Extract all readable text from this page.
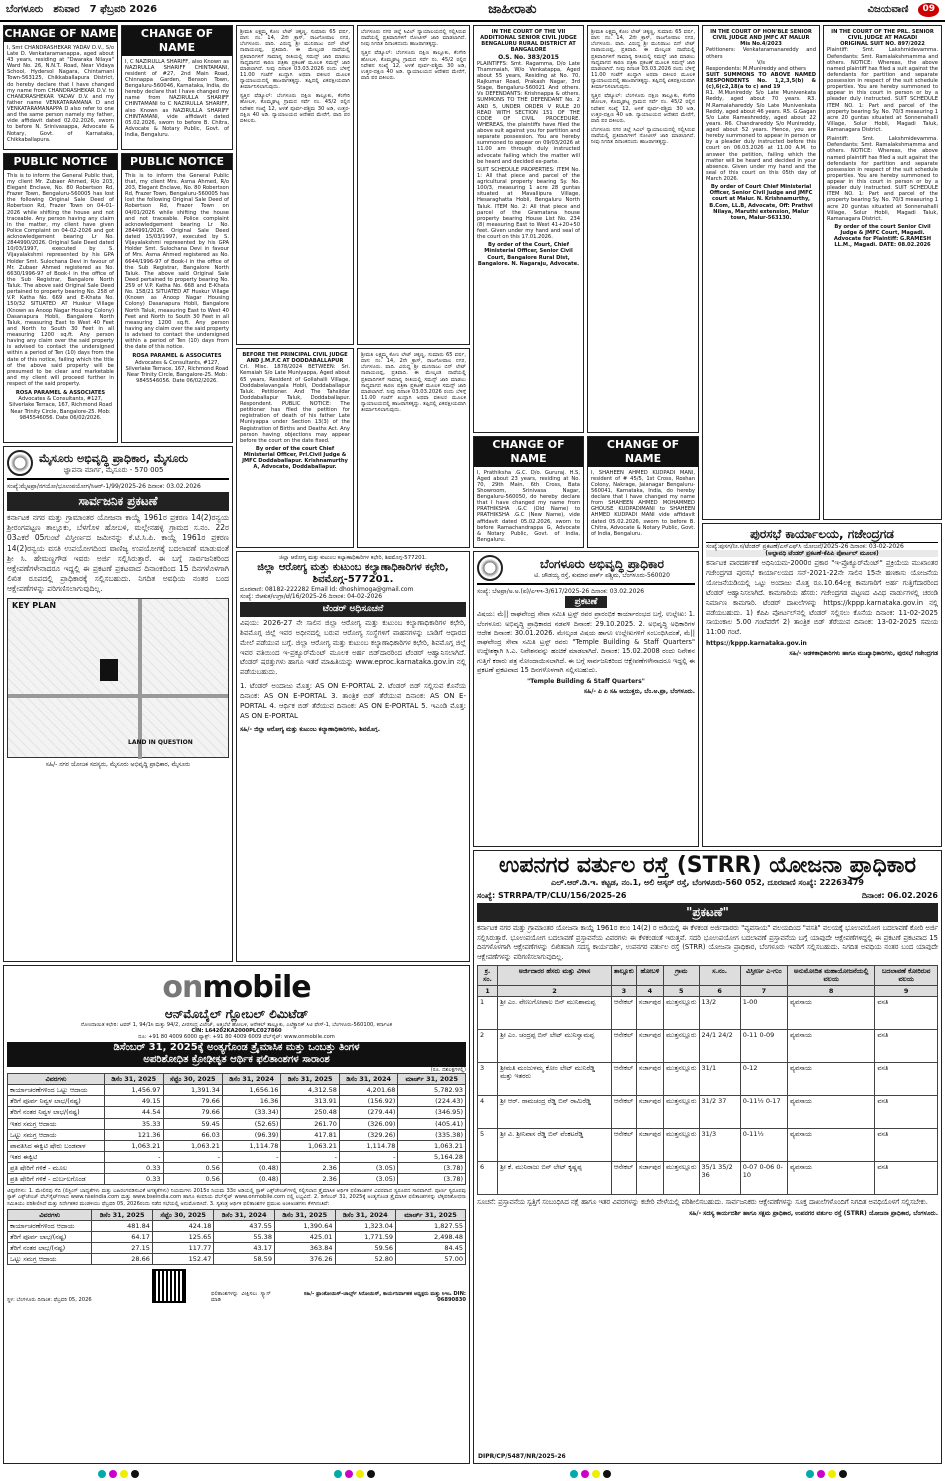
ಬೆಂಗಳೂರು ಶನಿವಾರ 7 ಫೆಬ್ರವರಿ 2026	ಜಾಹೀರಾತು	ವಿಜಯವಾಣಿ	09
CHANGE OF NAME
I, Smt CHANDRASHEKAR YADAV D.V., S/o Late D. Venkataramanappa, aged about 43 years, residing at "Dwaraka Nilaya" Ward No. 26, N.N.T. Road, Near Vidaya School, Hydersol Nagara, Chintamani Town-563125, Chikkaballapura District, do hereby declare that I have changed my name from CHANDRASHEKAR D.V. to CHANDRASHEKAR YADAV D.V. and my father name VENKATARAMANA D and VENKATARAMANAPPA D also refer to one and the same person namely my father, vide affidavit dated 02.02.2026, sworn to before N. Srinivasappa, Advocate & Notary, Govt. of Karnataka, Chikkaballapura.
CHANGE OF NAME
I, C NAZIRULLA SHARIFF, also Known as NAZIRULLA SHARIFF CHINTAMANI, resident of #27, 2nd Main Road, Chinnappa Garden, Benson Town, Bengaluru-560046, Karnataka, India, do hereby declare that I have changed my name from NAZIRULLA SHARIFF CHINTAMANI to C NAZIRULLA SHARIFF, also Known as NAZIRULLA SHARIFF CHINTAMANI, vide affidavit dated 05.02.2026, sworn to before B. Chitra, Advocate & Notary Public, Govt. of India, Bengaluru.
PUBLIC NOTICE
This is to inform the General Public that, my client Mr. Zubaer Ahmed, R/o 203, Elegant Enclave, No. 80 Robertson Rd, Frazer Town, Bengaluru-560005 has lost the following Original Sale Deed of Robertson Rd, Frazer Town on 04-01-2026 while shifting the house and not traceable. Any person having any claim in the matter, my client have given Police Complaint on 04-02-2026 and got acknowledgement bearing Lr No. 2844990/2026. Original Sale Deed dated 10/03/1997, executed by S. Vijayalakshmi represented by his GPA Holder Smt. Sulochana Devi in favour of Mr. Zubaer Ahmed registered as No. 6630/1996-97 of Book-I in the office of the Sub Registrar, Bangalore North Taluk. The above said Original Sale Deed pertained to property bearing No. 258 of V.P. Katha No. 669 and E-Khata No. 150/32 SITUATED AT Huskur Village (Known as Anoop Nagar Housing Colony) Dasanapura Hobli, Bangalore North Taluk, measuring East to West 40 Feet and North to South 30 Feet in all measuring 1200 sq.ft. Any person having any claim over the said property is advised to contact the undersigned within a period of Ten (10) days from the date of this notice, failing which the title of the above said property will be presumed to be clear and marketable and my client will proceed further in respect of the said property.
ROSA PARAMEL & ASSOCIATES
Advocates & Consultants, #127, Silverlake Terrace, 167, Richmond Road Near Trinity Circle, Bangalore-25. Mob: 9845546056. Date 06/02/2026.
PUBLIC NOTICE
This is to inform the General Public that, my client Mrs. Asma Ahmed, R/o 203, Elegant Enclave, No. 80 Robertson Rd, Frazer Town, Bengaluru-560005 has lost the following Original Sale Deed of Robertson Rd, Frazer Town on 04/01/2026 while shifting the house and not traceable. Police complaint acknowledgement bearing Lr No. 2844991/2026. Original Sale Deed dated 15/03/1997, executed by S. Vijayalakshmi represented by his GPA Holder Smt. Sulochana Devi in favour of Mrs. Asma Ahmed registered as No. 6644/1996-97 of Book-I in the office of the Sub Registrar, Bangalore North Taluk. The above said Original Sale Deed pertained to property bearing No. 259 of V.P. Katha No. 668 and E-Khata No. 158/21 SITUATED AT Huskur Village (Known as Anoop Nagar Housing Colony) Dasanapura Hobli, Bangalore North Taluk, measuring East to West 40 Feet and North to South 30 Feet in all measuring 1200 sq.ft. Any person having any claim over the said property is advised to contact the undersigned within a period of Ten (10) days from the date of this notice.
ROSA PARAMEL & ASSOCIATES
Advocates & Consultants, #127, Silverlake Terrace, 167, Richmond Road Near Trinity Circle, Bangalore-25. Mob: 9845546056. Date 06/02/2026.
ಮೈಸೂರು ಅಭಿವೃದ್ಧಿ ಪ್ರಾಧಿಕಾರ, ಮೈಸೂರು
ಜ್ಞಾಪನಾ ಮಾರ್ಗ, ಮೈಸೂರು - 570 005
ಸಂಖ್ಯೆ:ಮೈಅಪ್ರಾ/ನಗಯೋ/ಭೂಉಪಯೋಗ/ಸಿಆರ್-1/99/2025-26 ದಿನಾಂಕ: 03.02.2026
ಸಾರ್ವಜನಿಕ ಪ್ರಕಟಣೆ
ಕರ್ನಾಟಕ ನಗರ ಮತ್ತು ಗ್ರಾಮಾಂತರ ಯೋಜನಾ ಕಾಯ್ದೆ 1961ರ ಪ್ರಕರಣ 14(2)ರನ್ವಯ ಶ್ರೀರಂಗಪಟ್ಟಣ ತಾಲ್ಲೂಕು, ಬೆಳಗೊಳ ಹೋಬಳಿ, ಮಲ್ಲೇನಹಳ್ಳಿ ಗ್ರಾಮದ ಸ.ನಂ. 22ರ 03ಎಕರೆ 05ಗುಂಟೆ ವಿಸ್ತೀರ್ಣದ ಜಮೀನನ್ನು ಕೆ.ಟಿ.ಸಿ.ಪಿ. ಕಾಯ್ದೆ 1961ರ ಪ್ರಕರಣ 14(2)ರನ್ವಯ ವಸತಿ ಉಪಯೋಗದಿಂದ ವಾಣಿಜ್ಯ ಉಪಯೋಗಕ್ಕೆ ಬದಲಾವಣೆ ಮಾಡುವಂತೆ ಶ್ರೀ ಸಿ. ಹೇಮಣ್ಣಗೌಡ ಇವರು ಅರ್ಜಿ ಸಲ್ಲಿಸಿರುತ್ತಾರೆ. ಈ ಬಗ್ಗೆ ಸಾರ್ವಜನಿಕರಿಂದ ಆಕ್ಷೇಪಣೆಗಳೇನಾದರೂ ಇದ್ದಲ್ಲಿ ಈ ಪ್ರಕಟಣೆ ಪ್ರಕಟವಾದ ದಿನಾಂಕದಿಂದ 15 ದಿನಗಳೊಳಗಾಗಿ ಲಿಖಿತ ರೂಪದಲ್ಲಿ ಪ್ರಾಧಿಕಾರಕ್ಕೆ ಸಲ್ಲಿಸಬಹುದು. ನಿಗದಿತ ಅವಧಿಯ ನಂತರ ಬಂದ ಆಕ್ಷೇಪಣೆಗಳನ್ನು ಪರಿಗಣಿಸಲಾಗುವುದಿಲ್ಲ.
KEY PLAN
LAND IN QUESTION
ಸಹಿ/- ನಗರ ಯೋಜಕ ಸದಸ್ಯರು, ಮೈಸೂರು ಅಭಿವೃದ್ಧಿ ಪ್ರಾಧಿಕಾರ, ಮೈಸೂರು
ಶ್ರೀಮತಿ ಲಕ್ಷ್ಮಮ್ಮ ಕೋಂ ಲೇಟ್ ಚಿಕ್ಕಣ್ಣ, ಸುಮಾರು 65 ವರ್ಷ, ವಾಸ: ನಂ. 14, 2ನೇ ಕ್ರಾಸ್, ರಾಜಗೋಪಾಲ ನಗರ, ಬೆಂಗಳೂರು. ವಾದಿ. ವಿರುದ್ಧ ಶ್ರೀ ಮುನಿರಾಜು ಬಿನ್ ಲೇಟ್ ನಾರಾಯಣಪ್ಪ, ಪ್ರತಿವಾದಿ. ಈ ಮೇಲ್ಕಂಡ ದಾವೆಯಲ್ಲಿ ಪ್ರತಿವಾದಿಗಳಿಗೆ ಸಾಮಾನ್ಯ ರೀತಿಯಲ್ಲಿ ಸಮನ್ಸ್ ಜಾರಿ ಮಾಡಲು ಸಾಧ್ಯವಾಗದ ಕಾರಣ ಪತ್ರಿಕಾ ಪ್ರಕಟಣೆ ಮೂಲಕ ಸಮನ್ಸ್ ಜಾರಿ ಮಾಡಲಾಗಿದೆ. ನೀವು ದಿನಾಂಕ 03.03.2026 ರಂದು ಬೆಳಿಗ್ಗೆ 11.00 ಗಂಟೆಗೆ ಖುದ್ದಾಗಿ ಅಥವಾ ವಕೀಲರ ಮೂಲಕ ನ್ಯಾಯಾಲಯದಲ್ಲಿ ಹಾಜರಾಗತಕ್ಕದ್ದು. ತಪ್ಪಿದಲ್ಲಿ ಏಕಪಕ್ಷೀಯವಾಗಿ ತೀರ್ಮಾನಿಸಲಾಗುವುದು.
ಸ್ವತ್ತಿನ ಷೆಡ್ಯೂಲ್: ಬೆಂಗಳೂರು ದಕ್ಷಿಣ ತಾಲ್ಲೂಕು, ಕೆಂಗೇರಿ ಹೋಬಳಿ, ಕೊಮ್ಮಘಟ್ಟ ಗ್ರಾಮದ ಸರ್ವೆ ನಂ. 45/2 ರಲ್ಲಿನ ನಿವೇಶನ ಸಂಖ್ಯೆ 12, ಅಳತೆ ಪೂರ್ವ-ಪಶ್ಚಿಮ 30 ಅಡಿ, ಉತ್ತರ-ದಕ್ಷಿಣ 40 ಅಡಿ. ನ್ಯಾಯಾಲಯದ ಆದೇಶದ ಮೇರೆಗೆ, ವಾದಿ ಪರ ವಕೀಲರು.
ಬೆಂಗಳೂರು ನಗರ ಜಿಲ್ಲೆ ಸಿವಿಲ್ ನ್ಯಾಯಾಲಯದಲ್ಲಿ ಸಲ್ಲಿಸಿರುವ ದಾವೆಯಲ್ಲಿ ಪ್ರತಿವಾದಿಗಳಿಗೆ ನೋಟೀಸ್ ಜಾರಿ ಮಾಡಲಾಗಿದೆ. ನೀವು ನಿಗದಿತ ದಿನಾಂಕದಂದು ಹಾಜರಾಗತಕ್ಕದ್ದು.
ಸ್ವತ್ತಿನ ಷೆಡ್ಯೂಲ್: ಬೆಂಗಳೂರು ದಕ್ಷಿಣ ತಾಲ್ಲೂಕು, ಕೆಂಗೇರಿ ಹೋಬಳಿ, ಕೊಮ್ಮಘಟ್ಟ ಗ್ರಾಮದ ಸರ್ವೆ ನಂ. 45/2 ರಲ್ಲಿನ ನಿವೇಶನ ಸಂಖ್ಯೆ 12, ಅಳತೆ ಪೂರ್ವ-ಪಶ್ಚಿಮ 30 ಅಡಿ, ಉತ್ತರ-ದಕ್ಷಿಣ 40 ಅಡಿ. ನ್ಯಾಯಾಲಯದ ಆದೇಶದ ಮೇರೆಗೆ, ವಾದಿ ಪರ ವಕೀಲರು.
BEFORE THE PRINCIPAL CIVIL JUDGE AND J.M.F.C AT DODDABALLAPUR
Crl. Misc. 1878/2024 BETWEEN: Sri. Kemaiah S/o Late Muniyappa, Aged about 65 years, Resident of Gollahalli Village, Doddabelavangala Hobli, Doddaballapur Taluk. Petitioner. And The Tahsildar Doddaballapur Taluk, Doddaballapur. Respondent. PUBLIC NOTICE: The petitioner has filed the petition for registration of death of his father Late Muniyappa under Section 13(3) of the Registration of Births and Deaths Act. Any person having objections may appear before the court on the date fixed.
By order of the court Chief Ministerial Officer, Prl.Civil Judge & JMFC Doddaballapur. Krishnamurthy A, Advocate, Doddaballapur.
ಶ್ರೀಮತಿ ಲಕ್ಷ್ಮಮ್ಮ ಕೋಂ ಲೇಟ್ ಚಿಕ್ಕಣ್ಣ, ಸುಮಾರು 65 ವರ್ಷ, ವಾಸ: ನಂ. 14, 2ನೇ ಕ್ರಾಸ್, ರಾಜಗೋಪಾಲ ನಗರ, ಬೆಂಗಳೂರು. ವಾದಿ. ವಿರುದ್ಧ ಶ್ರೀ ಮುನಿರಾಜು ಬಿನ್ ಲೇಟ್ ನಾರಾಯಣಪ್ಪ, ಪ್ರತಿವಾದಿ. ಈ ಮೇಲ್ಕಂಡ ದಾವೆಯಲ್ಲಿ ಪ್ರತಿವಾದಿಗಳಿಗೆ ಸಾಮಾನ್ಯ ರೀತಿಯಲ್ಲಿ ಸಮನ್ಸ್ ಜಾರಿ ಮಾಡಲು ಸಾಧ್ಯವಾಗದ ಕಾರಣ ಪತ್ರಿಕಾ ಪ್ರಕಟಣೆ ಮೂಲಕ ಸಮನ್ಸ್ ಜಾರಿ ಮಾಡಲಾಗಿದೆ. ನೀವು ದಿನಾಂಕ 03.03.2026 ರಂದು ಬೆಳಿಗ್ಗೆ 11.00 ಗಂಟೆಗೆ ಖುದ್ದಾಗಿ ಅಥವಾ ವಕೀಲರ ಮೂಲಕ ನ್ಯಾಯಾಲಯದಲ್ಲಿ ಹಾಜರಾಗತಕ್ಕದ್ದು. ತಪ್ಪಿದಲ್ಲಿ ಏಕಪಕ್ಷೀಯವಾಗಿ ತೀರ್ಮಾನಿಸಲಾಗುವುದು.
ಜಿಲ್ಲಾ ಆರೋಗ್ಯ ಮತ್ತು ಕುಟುಂಬ ಕಲ್ಯಾಣಾಧಿಕಾರಿಗಳ ಕಛೇರಿ, ಶಿವಮೊಗ್ಗ-577201.
ಜಿಲ್ಲಾ ಆರೋಗ್ಯ ಮತ್ತು ಕುಟುಂಬ ಕಲ್ಯಾಣಾಧಿಕಾರಿಗಳ ಕಛೇರಿ, ಶಿವಮೊಗ್ಗ-577201.
ದೂರವಾಣಿ: 08182-222282 Email Id: dhoshimoga@gmail.com
ಸಂಖ್ಯೆ: ಜಿಆಕುಕ/ಉಗ್ರಾ/ಟೆ/16/2025-26 ದಿನಾಂಕ: 04-02-2026
ಟೆಂಡರ್ ಅಧಿಸೂಚನೆ
ವಿಷಯ: 2026-27 ನೇ ಸಾಲಿನ ಜಿಲ್ಲಾ ಆರೋಗ್ಯ ಮತ್ತು ಕುಟುಂಬ ಕಲ್ಯಾಣಾಧಿಕಾರಿಗಳ ಕಛೇರಿ, ಶಿವಮೊಗ್ಗ ಜಿಲ್ಲೆ ಇವರ ಅಧೀನದಲ್ಲಿ ಬರುವ ಆರೋಗ್ಯ ಸಂಸ್ಥೆಗಳಿಗೆ ವಾಹನಗಳನ್ನು ಬಾಡಿಗೆ ಆಧಾರದ ಮೇಲೆ ಪಡೆಯುವ ಬಗ್ಗೆ. ಜಿಲ್ಲಾ ಆರೋಗ್ಯ ಮತ್ತು ಕುಟುಂಬ ಕಲ್ಯಾಣಾಧಿಕಾರಿಗಳ ಕಛೇರಿ, ಶಿವಮೊಗ್ಗ ಜಿಲ್ಲೆ ಇವರ ವತಿಯಿಂದ ಇ-ಪ್ರಕ್ಯೂರ್‌ಮೆಂಟ್ ಮೂಲಕ ಅರ್ಹ ಬಿಡ್‌ದಾರರಿಂದ ಟೆಂಡರ್ ಆಹ್ವಾನಿಸಲಾಗಿದೆ. ಟೆಂಡರ್ ಷರತ್ತುಗಳು ಹಾಗೂ ಇತರೆ ಮಾಹಿತಿಯನ್ನು www.eproc.karnataka.gov.in ನಲ್ಲಿ ಪಡೆಯಬಹುದು.
1. ಟೆಂಡರ್ ಅಂದಾಜು ಮೊತ್ತ: AS ON E-PORTAL 2. ಟೆಂಡರ್ ಬಿಡ್ ಸಲ್ಲಿಸುವ ಕೊನೆಯ ದಿನಾಂಕ: AS ON E-PORTAL 3. ತಾಂತ್ರಿಕ ಬಿಡ್ ತೆರೆಯುವ ದಿನಾಂಕ: AS ON E-PORTAL 4. ಆರ್ಥಿಕ ಬಿಡ್ ತೆರೆಯುವ ದಿನಾಂಕ: AS ON E-PORTAL 5. ಇಎಂಡಿ ಮೊತ್ತ: AS ON E-PORTAL
ಸಹಿ/- ಜಿಲ್ಲಾ ಆರೋಗ್ಯ ಮತ್ತು ಕುಟುಂಬ ಕಲ್ಯಾಣಾಧಿಕಾರಿಗಳು, ಶಿವಮೊಗ್ಗ.
IN THE COURT OF THE VII ADDITIONAL SENIOR CIVIL JUDGE BENGALURU RURAL DISTRICT AT BANGALORE
O.S. No. 383/2015
PLAINTIFFS: Smt. Ragamma, D/o Late Thammaiah, W/o Venkatappa, Aged about 55 years, Residing at No. 70, Rajkumar Road, Prakash Nagar, 3rd Stage, Bengaluru-560021 And others. Vs DEFENDANTS: Krishnappa & others. SUMMONS TO THE DEFENDANT No. 2 AND 5, UNDER ORDER V RULE 20 READ WITH SECTION 151 OF THE CODE OF CIVIL PROCEDURE. WHEREAS, the plaintiffs have filed the above suit against you for partition and separate possession. You are hereby summoned to appear on 09/03/2026 at 11.00 am through duly instructed advocate failing which the matter will be heard and decided ex-parte.
SUIT SCHEDULE PROPERTIES: ITEM No. 1: All that piece and parcel of the agricultural property bearing Sy. No. 100/3, measuring 1 acre 28 guntas situated at Mavallipura Village, Hesaraghatta Hobli, Bengaluru North Taluk. ITEM No. 2: All that piece and parcel of the Gramatana house property bearing House List No. 234 (8) measuring East to West 41+20+50 feet. Given under my hand and seal of the court on this 17.01.2026.
By order of the Court, Chief Ministerial Officer, Senior Civil Court, Bangalore Rural Dist, Bangalore. N. Nagaraju, Advocate.
ಶ್ರೀಮತಿ ಲಕ್ಷ್ಮಮ್ಮ ಕೋಂ ಲೇಟ್ ಚಿಕ್ಕಣ್ಣ, ಸುಮಾರು 65 ವರ್ಷ, ವಾಸ: ನಂ. 14, 2ನೇ ಕ್ರಾಸ್, ರಾಜಗೋಪಾಲ ನಗರ, ಬೆಂಗಳೂರು. ವಾದಿ. ವಿರುದ್ಧ ಶ್ರೀ ಮುನಿರಾಜು ಬಿನ್ ಲೇಟ್ ನಾರಾಯಣಪ್ಪ, ಪ್ರತಿವಾದಿ. ಈ ಮೇಲ್ಕಂಡ ದಾವೆಯಲ್ಲಿ ಪ್ರತಿವಾದಿಗಳಿಗೆ ಸಾಮಾನ್ಯ ರೀತಿಯಲ್ಲಿ ಸಮನ್ಸ್ ಜಾರಿ ಮಾಡಲು ಸಾಧ್ಯವಾಗದ ಕಾರಣ ಪತ್ರಿಕಾ ಪ್ರಕಟಣೆ ಮೂಲಕ ಸಮನ್ಸ್ ಜಾರಿ ಮಾಡಲಾಗಿದೆ. ನೀವು ದಿನಾಂಕ 03.03.2026 ರಂದು ಬೆಳಿಗ್ಗೆ 11.00 ಗಂಟೆಗೆ ಖುದ್ದಾಗಿ ಅಥವಾ ವಕೀಲರ ಮೂಲಕ ನ್ಯಾಯಾಲಯದಲ್ಲಿ ಹಾಜರಾಗತಕ್ಕದ್ದು. ತಪ್ಪಿದಲ್ಲಿ ಏಕಪಕ್ಷೀಯವಾಗಿ ತೀರ್ಮಾನಿಸಲಾಗುವುದು.
ಸ್ವತ್ತಿನ ಷೆಡ್ಯೂಲ್: ಬೆಂಗಳೂರು ದಕ್ಷಿಣ ತಾಲ್ಲೂಕು, ಕೆಂಗೇರಿ ಹೋಬಳಿ, ಕೊಮ್ಮಘಟ್ಟ ಗ್ರಾಮದ ಸರ್ವೆ ನಂ. 45/2 ರಲ್ಲಿನ ನಿವೇಶನ ಸಂಖ್ಯೆ 12, ಅಳತೆ ಪೂರ್ವ-ಪಶ್ಚಿಮ 30 ಅಡಿ, ಉತ್ತರ-ದಕ್ಷಿಣ 40 ಅಡಿ. ನ್ಯಾಯಾಲಯದ ಆದೇಶದ ಮೇರೆಗೆ, ವಾದಿ ಪರ ವಕೀಲರು.
ಬೆಂಗಳೂರು ನಗರ ಜಿಲ್ಲೆ ಸಿವಿಲ್ ನ್ಯಾಯಾಲಯದಲ್ಲಿ ಸಲ್ಲಿಸಿರುವ ದಾವೆಯಲ್ಲಿ ಪ್ರತಿವಾದಿಗಳಿಗೆ ನೋಟೀಸ್ ಜಾರಿ ಮಾಡಲಾಗಿದೆ. ನೀವು ನಿಗದಿತ ದಿನಾಂಕದಂದು ಹಾಜರಾಗತಕ್ಕದ್ದು.
CHANGE OF NAME
I, Prathiksha .G.C. D/o. Gururaj. H.S, Aged about 23 years, residing at No. 70, 29th Main, 6th Cross, Bata Showroom, Srinivasa Nagar, Bengaluru-560050, do hereby declare that I have changed my name from PRATHIKSHA .G.C (Old Name) to PRATHIKSHA .G.C (New Name), vide affidavit dated 05.02.2026, sworn to before Ramachandrappa G, Advocate & Notary Public, Govt. of India, Bengaluru.
CHANGE OF NAME
I, SHAHEEN AHMED KUDPADI MANI, resident of # 45/5, 1st Cross, Roshan Colony, Nakrage, Jaianagar Bengaluru-560041, Karnataka, India, do hereby declare that I have changed my name from SHAHEEN AHMED MOHAMMED GHOUSE KUDPADIMANI to SHAHEEN AHMED KUDPADI MANI vide affidavit dated 05.02.2026, sworn to before B. Chitra, Advocate & Notary Public, Govt. of India, Bengaluru.
IN THE COURT OF HON'BLE SENIOR CIVIL JUDGE AND JMFC AT MALUR
Mis No.4/2023
Petitioners: Venkataramanareddy and others
V/s
Respondents: M.Munireddy and others
SUIT SUMMONS TO ABOVE NAMED RESPONDENTS No. 1,2,3,5(b) & (c),6(c2,18(a to c) and 19
R1. M.Munireddy S/o Late Munivenkata Reddy, aged about 70 years. R3. M.Ramaiahareddy S/o Late Munivenkata Reddy, aged about 46 years. R5. G.Gagan S/o Late Rameshreddy, aged about 22 years. R6. Chandrareddy S/o Munireddy, aged about 52 years. Hence, you are hereby summoned to appear in person or by a pleader duly instructed before this court on 06.03.2026 at 11.00 A.M. to answer the petition, failing which the matter will be heard and decided in your absence. Given under my hand and the seal of this court on this 05th day of March 2026.
By order of Court Chief Ministerial Officer, Senior Civil Judge and JMFC court at Malur. N. Krishnamurthy, B.Com, LL.B, Advocate, Off: Prathvi Nilaya, Maruthi extension, Malur town, Malur-563130.
IN THE COURT OF THE PRL. SENIOR CIVIL JUDGE AT MAGADI
ORIGINAL SUIT NO. 897/2022
Plaintiff: Smt. Lakshmidevamma. Defendants: Smt. Ramalakshmamma and others. NOTICE: Whereas, the above named plaintiff has filed a suit against the defendants for partition and separate possession in respect of the suit schedule properties. You are hereby summoned to appear in this court in person or by a pleader duly instructed. SUIT SCHEDULE ITEM NO. 1: Part and parcel of the property bearing Sy. No. 70/3 measuring 1 acre 20 guntas situated at Sonnenahalli Village, Solur Hobli, Magadi Taluk, Ramanagara District.
Plaintiff: Smt. Lakshmidevamma. Defendants: Smt. Ramalakshmamma and others. NOTICE: Whereas, the above named plaintiff has filed a suit against the defendants for partition and separate possession in respect of the suit schedule properties. You are hereby summoned to appear in this court in person or by a pleader duly instructed. SUIT SCHEDULE ITEM NO. 1: Part and parcel of the property bearing Sy. No. 70/3 measuring 1 acre 20 guntas situated at Sonnenahalli Village, Solur Hobli, Magadi Taluk, Ramanagara District.
By order of the court Senior Civil Judge & JMFC Court, Magadi. Advocate for Plaintiff: G.RAMESH LL.M., Magadi. DATE: 08.02.2026
ಬೆಂಗಳೂರು ಅಭಿವೃದ್ಧಿ ಪ್ರಾಧಿಕಾರ
ಟಿ. ಚೌಡಯ್ಯ ರಸ್ತೆ, ಕುಮಾರ ಪಾರ್ಕ್ ಪಶ್ಚಿಮ, ಬೆಂಗಳೂರು-560020
ಸಂಖ್ಯೆ: ಬೆಅಪ್ರಾ/ಅ.ಅ.(ಪ)/ಎಇಇ-3/617/2025-26 ದಿನಾಂಕ: 03.02.2026
ಪ್ರಕಟಣೆ
ವಿಷಯ: ಮೆ|| ರಾಘವೇಂದ್ರ ಸೇವಾ ಸಮಿತಿ ಟ್ರಸ್ಟ್ ರವರ ಪ್ರಾರಂಭಿಕ ಕಾರ್ಯಾರಂಭದ ಬಗ್ಗೆ. ಉಲ್ಲೇಖ: 1. ಬೆಂಗಳೂರು ಅಭಿವೃದ್ಧಿ ಪ್ರಾಧಿಕಾರದ ನಡವಳಿ ದಿನಾಂಕ: 29.10.2025. 2. ಅಭಿವೃದ್ಧಿ ಅಧಿಕಾರಿಗಳ ಆದೇಶ ದಿನಾಂಕ: 30.01.2026. ಮೇಲ್ಕಂಡ ವಿಷಯ ಹಾಗೂ ಉಲ್ಲೇಖಗಳಿಗೆ ಸಂಬಂಧಿಸಿದಂತೆ, ಮೆ|| ರಾಘವೇಂದ್ರ ಸೇವಾ ಸಮಿತಿ ಟ್ರಸ್ಟ್ ರವರು "Temple Building & Staff Quarters" ಉದ್ದೇಶಕ್ಕಾಗಿ ಸಿ.ಎ. ನಿವೇಶನವನ್ನು ಹಂಚಿಕೆ ಮಾಡಲಾಗಿದೆ. ದಿನಾಂಕ: 15.02.2008 ರಂದು ನಿವೇಶನ ಗುತ್ತಿಗೆ ಕರಾರು ಪತ್ರ ನೋಂದಾಯಿಸಲಾಗಿದೆ. ಈ ಬಗ್ಗೆ ಸಾರ್ವಜನಿಕರಿಂದ ಆಕ್ಷೇಪಣೆಗಳೇನಾದರೂ ಇದ್ದಲ್ಲಿ ಈ ಪ್ರಕಟಣೆ ಪ್ರಕಟವಾದ 15 ದಿನಗಳೊಳಗಾಗಿ ಸಲ್ಲಿಸಬಹುದು.
"Temple Building & Staff Quarters"
ಸಹಿ/- ಪಿ ಪಿ ಸಹಿ ಆಯುಕ್ತರು, ಬೆಂ.ಅ.ಪ್ರಾ, ಬೆಂಗಳೂರು.
ಪುರಸಭೆ ಕಾರ್ಯಾಲಯ, ಗಜೇಂದ್ರಗಡ
ಸಂಖ್ಯೆ:ಪುಸಗ/ನೀ.ಸ/ಟೆಂಡರ್ ಪ್ರಕಟಣೆ/ಎಸ್ಎಫ್‌ಸಿ ಯೋಜನೆ/2025-26 ದಿನಾಂಕ: 03-02-2026
(ಅಲ್ಪಾವಧಿ ಟೆಂಡರ್ ಪ್ರಕಟಣೆ-ಕೆಪಿಪಿ ಪೋರ್ಟಲ್ ಮೂಲಕ)
ಕರ್ನಾಟಕ ಪಾರದರ್ಶಕತೆ ಅಧಿನಿಯಮ-2000ರ ಪ್ರಕಾರ "ಇ-ಪ್ರೊಕ್ಯೂರ್‌ಮೆಂಟ್" ಪ್ರಕ್ರಿಯೆಯ ಮುಖಾಂತರ ಗಜೇಂದ್ರಗಡ ಪುರಸಭೆ ಕಾರ್ಯಾಲಯದ ಸನ್-2021-22ನೇ ಸಾಲಿನ 15ನೇ ಹಣಕಾಸು ಯೋಜನೆಯ ಯೋಜನೆಯಡಿಯಲ್ಲಿ ಒಟ್ಟು ಅಂದಾಜು ಮೊತ್ತ ರೂ.10.64ಲಕ್ಷ ಕಾಮಗಾರಿಗೆ ಅರ್ಹ ಗುತ್ತಿಗೆದಾರರಿಂದ ಟೆಂಡರ್ ಆಹ್ವಾನಿಸಲಾಗಿದೆ. ಕಾಮಗಾರಿಯ ಹೆಸರು: ಗಜೇಂದ್ರಗಡ ಪಟ್ಟಣದ ವಿವಿಧ ವಾರ್ಡುಗಳಲ್ಲಿ ಚರಂಡಿ ನಿರ್ಮಾಣ ಕಾಮಗಾರಿ. ಟೆಂಡರ್ ದಾಖಲೆಗಳನ್ನು https://kppp.karnataka.gov.in ನಲ್ಲಿ ಪಡೆಯಬಹುದು. 1) ಕೆಪಿಪಿ ಪೋರ್ಟಲ್‌ನಲ್ಲಿ ಟೆಂಡರ್ ಸಲ್ಲಿಸಲು ಕೊನೆಯ ದಿನಾಂಕ: 11-02-2025 ಸಾಯಂಕಾಲ 5.00 ಗಂಟೆವರೆಗೆ 2) ತಾಂತ್ರಿಕ ಬಿಡ್ ತೆರೆಯುವ ದಿನಾಂಕ: 13-02-2025 ಸಮಯ 11:00 ಗಂಟೆ.
https://kppp.karnataka.gov.in
ಸಹಿ/- ಆಡಳಿತಾಧಿಕಾರಿಗಳು ಹಾಗೂ ಮುಖ್ಯಾಧಿಕಾರಿಗಳು, ಪುರಸಭೆ ಗಜೇಂದ್ರಗಡ
ಉಪನಗರ ವರ್ತುಲ ರಸ್ತೆ (STRR) ಯೋಜನಾ ಪ್ರಾಧಿಕಾರ
ಎಲ್.ಆರ್.ಡಿ.ಇ. ಕಟ್ಟಡ, ನಂ.1, ಅಲಿ ಆಸ್ಕರ್ ರಸ್ತೆ, ಬೆಂಗಳೂರು-560 052, ದೂರವಾಣಿ ಸಂಖ್ಯೆ: 22263479
ಸಂಖ್ಯೆ: STRRPA/TP/CLU/156/2025-26	ದಿನಾಂಕ: 06.02.2026
"ಪ್ರಕಟಣೆ"
ಕರ್ನಾಟಕ ನಗರ ಮತ್ತು ಗ್ರಾಮಾಂತರ ಯೋಜನಾ ಕಾಯ್ದೆ 1961ರ ಕಲಂ 14(2) ರ ಅಡಿಯಲ್ಲಿ ಈ ಕೆಳಕಂಡ ಅರ್ಜಿದಾರರು "ವ್ಯವಸಾಯ" ವಲಯದಿಂದ "ವಸತಿ" ವಲಯಕ್ಕೆ ಭೂಉಪಯೋಗ ಬದಲಾವಣೆ ಕೋರಿ ಅರ್ಜಿ ಸಲ್ಲಿಸಿರುತ್ತಾರೆ. ಭೂಉಪಯೋಗ ಬದಲಾವಣೆ ಪ್ರಸ್ತಾವನೆಯ ವಿವರಗಳು ಈ ಕೆಳಕಂಡಂತೆ ಇರುತ್ತವೆ. ಸದರಿ ಭೂಉಪಯೋಗ ಬದಲಾವಣೆ ಪ್ರಸ್ತಾವನೆಯ ಬಗ್ಗೆ ಯಾವುದೇ ಆಕ್ಷೇಪಣೆಗಳಿದ್ದಲ್ಲಿ ಈ ಪ್ರಕಟಣೆ ಪ್ರಕಟವಾದ 15 ದಿನಗಳೊಳಗಾಗಿ ಆಕ್ಷೇಪಣೆಗಳನ್ನು ಲಿಖಿತವಾಗಿ ಸದಸ್ಯ ಕಾರ್ಯದರ್ಶಿ, ಉಪನಗರ ವರ್ತುಲ ರಸ್ತೆ (STRR) ಯೋಜನಾ ಪ್ರಾಧಿಕಾರ, ಬೆಂಗಳೂರು ಇವರಿಗೆ ಸಲ್ಲಿಸಬಹುದು. ನಿಗದಿತ ಅವಧಿಯ ನಂತರ ಬಂದ ಯಾವುದೇ ಆಕ್ಷೇಪಣೆಗಳನ್ನು ಪರಿಗಣಿಸಲಾಗುವುದಿಲ್ಲ.
ಕ್ರ. ಸಂ.	ಅರ್ಜಿದಾರರ ಹೆಸರು ಮತ್ತು ವಿಳಾಸ	ತಾಲ್ಲೂಕು	ಹೋಬಳಿ	ಗ್ರಾಮ	ಸ.ನಂ.	ವಿಸ್ತೀರ್ಣ ಎ-ಗುಂ	ಅನುಮೋದಿತ ಮಹಾಯೋಜನೆಯಲ್ಲಿ ವಲಯ	ಬದಲಾವಣೆ ಕೋರಿರುವ ವಲಯ
1	2	3	4	5	6	7	8	9
1	ಶ್ರೀ ಎಂ. ವೇಣುಗೋಪಾಲ ಬಿನ್ ಮುನಿಶಾಮಪ್ಪ	ಆನೇಕಲ್	ಸರ್ಜಾಪುರ	ಮುತ್ತನಲ್ಲೂರು	13/2	1-00	ವ್ಯವಸಾಯ	ವಸತಿ
2	ಶ್ರೀ ಎಂ. ಚಂದ್ರಪ್ಪ ಬಿನ್ ಲೇಟ್ ಮುನಿಸ್ವಾಮಪ್ಪ	ಆನೇಕಲ್	ಸರ್ಜಾಪುರ	ಮುತ್ತನಲ್ಲೂರು	24/1 24/2	0-11 0-09	ವ್ಯವಸಾಯ	ವಸತಿ
3	ಶ್ರೀಮತಿ ಮಂಜುಳಮ್ಮ ಕೋಂ ಲೇಟ್ ಮುನಿರೆಡ್ಡಿ ಮತ್ತು ಇತರರು	ಆನೇಕಲ್	ಸರ್ಜಾಪುರ	ಮುತ್ತನಲ್ಲೂರು	31/1	0-12	ವ್ಯವಸಾಯ	ವಸತಿ
4	ಶ್ರೀ ಆರ್. ರಾಮಚಂದ್ರ ರೆಡ್ಡಿ ಬಿನ್ ರಾಮಿರೆಡ್ಡಿ	ಆನೇಕಲ್	ಸರ್ಜಾಪುರ	ಮುತ್ತನಲ್ಲೂರು	31/2 37	0-11½ 0-17	ವ್ಯವಸಾಯ	ವಸತಿ
5	ಶ್ರೀ ವಿ. ಶ್ರೀನಿವಾಸ ರೆಡ್ಡಿ ಬಿನ್ ವೆಂಕಟರೆಡ್ಡಿ	ಆನೇಕಲ್	ಸರ್ಜಾಪುರ	ಮುತ್ತನಲ್ಲೂರು	31/3	0-11½	ವ್ಯವಸಾಯ	ವಸತಿ
6	ಶ್ರೀ ಕೆ. ಮುನಿರಾಜು ಬಿನ್ ಲೇಟ್ ಕೃಷ್ಣಪ್ಪ	ಆನೇಕಲ್	ಸರ್ಜಾಪುರ	ಮುತ್ತನಲ್ಲೂರು	35/1 35/2 36	0-07 0-06 0-10	ವ್ಯವಸಾಯ	ವಸತಿ
ಸೂಚನೆ: ಪ್ರಸ್ತಾವನೆಯ ಸ್ವತ್ತಿಗೆ ಸಂಬಂಧಿಸಿದ ನಕ್ಷೆ ಹಾಗೂ ಇತರ ವಿವರಗಳನ್ನು ಕಚೇರಿ ವೇಳೆಯಲ್ಲಿ ಪರಿಶೀಲಿಸಬಹುದು. ಸಾರ್ವಜನಿಕರು ಆಕ್ಷೇಪಣೆಗಳನ್ನು ಸೂಕ್ತ ದಾಖಲೆಗಳೊಂದಿಗೆ ನಿಗದಿತ ಅವಧಿಯೊಳಗೆ ಸಲ್ಲಿಸಬೇಕು.
ಸಹಿ/- ಸದಸ್ಯ ಕಾರ್ಯದರ್ಶಿ ಹಾಗೂ ಸಕ್ಷಮ ಪ್ರಾಧಿಕಾರ, ಉಪನಗರ ವರ್ತುಲ ರಸ್ತೆ (STRR) ಯೋಜನಾ ಪ್ರಾಧಿಕಾರ, ಬೆಂಗಳೂರು.
DIPR/CP/5487/NR/2025-26
onmobile
ಆನ್‌ಮೊಬೈಲ್ ಗ್ಲೋಬಲ್ ಲಿಮಿಟೆಡ್
ನೋಂದಾಯಿತ ಕಛೇರಿ: ಟವರ್ 1, 94/1ಸಿ ಮತ್ತು 94/2, ವೀರಸಂದ್ರ ವಿಲೇಜ್, ಅತ್ತಿಬೆಲೆ ಹೋಬಳಿ, ಆನೇಕಲ್ ತಾಲ್ಲೂಕು, ಎಲೆಕ್ಟ್ರಾನಿಕ್ ಸಿಟಿ ಫೇಸ್-1, ಬೆಂಗಳೂರು-560100, ಕರ್ನಾಟಕ
CIN: L64202KA2000PLC027860
ದೂ: +91 80 4009 6000 ಫ್ಯಾಕ್ಸ್: +91 80 4009 6009 ವೆಬ್‌ಸೈಟ್: www.onmobile.com
ಡಿಸೆಂಬರ್ 31, 2025ಕ್ಕೆ ಅಂತ್ಯಗೊಂಡ ತ್ರೈಮಾಸಿಕ ಮತ್ತು ಒಂಬತ್ತು ತಿಂಗಳ
ಅಪರಿಶೋಧಿತ ಕ್ರೋಢೀಕೃತ ಆರ್ಥಿಕ ಫಲಿತಾಂಶಗಳ ಸಾರಾಂಶ
(ರೂ. ದಶಲಕ್ಷಗಳಲ್ಲಿ)
ವಿವರಗಳು	ಡಿಸೆಂ 31, 2025	ಸೆಪ್ಟೆಂ 30, 2025	ಡಿಸೆಂ 31, 2024	ಡಿಸೆಂ 31, 2025	ಡಿಸೆಂ 31, 2024	ಮಾರ್ಚ್ 31, 2025
ಕಾರ್ಯಾಚರಣೆಗಳಿಂದ ಒಟ್ಟು ಆದಾಯ	1,456.97	1,391.34	1,656.16	4,312.58	4,201.68	5,782.93
ತೆರಿಗೆ ಪೂರ್ವ ನಿವ್ವಳ ಲಾಭ/(ನಷ್ಟ)	49.15	79.66	16.36	313.91	(156.92)	(224.43)
ತೆರಿಗೆ ನಂತರ ನಿವ್ವಳ ಲಾಭ/(ನಷ್ಟ)	44.54	79.66	(33.34)	250.48	(279.44)	(346.95)
ಇತರ ಸಮಗ್ರ ಆದಾಯ	35.33	59.45	(52.65)	261.70	(326.09)	(405.41)
ಒಟ್ಟು ಸಮಗ್ರ ಆದಾಯ	121.36	66.03	(96.39)	417.81	(329.26)	(335.38)
ಪಾವತಿಸಿದ ಈಕ್ವಿಟಿ ಷೇರು ಬಂಡವಾಳ	1,063.21	1,063.21	1,114.78	1,063.21	1,114.78	1,063.21
ಇತರ ಈಕ್ವಿಟಿ	-	-	-	-	-	5,164.28
ಪ್ರತಿ ಷೇರಿಗೆ ಗಳಿಕೆ - ಮೂಲ	0.33	0.56	(0.48)	2.36	(3.05)	(3.78)
ಪ್ರತಿ ಷೇರಿಗೆ ಗಳಿಕೆ - ದುರ್ಬಲಗೊಂಡ	0.33	0.56	(0.48)	2.36	(3.05)	(3.78)
ಟಿಪ್ಪಣಿಗಳು: 1. ಮೇಲಿನವು ಸೆಬಿ (ಲಿಸ್ಟಿಂಗ್ ಬಾಧ್ಯತೆಗಳು ಮತ್ತು ಬಹಿರಂಗಪಡಿಸುವಿಕೆ ಅಗತ್ಯತೆಗಳು) ನಿಯಮಗಳು 2015ರ ನಿಯಮ 33ರ ಅಡಿಯಲ್ಲಿ ಸ್ಟಾಕ್ ಎಕ್ಸ್‌ಚೇಂಜ್‌ಗಳಲ್ಲಿ ಸಲ್ಲಿಸಲಾದ ತ್ರೈಮಾಸಿಕ ಆರ್ಥಿಕ ಫಲಿತಾಂಶಗಳ ವಿವರವಾದ ಸ್ವರೂಪದ ಸಾರವಾಗಿದೆ. ಪೂರ್ಣ ಸ್ವರೂಪವು ಸ್ಟಾಕ್ ಎಕ್ಸ್‌ಚೇಂಜ್ ವೆಬ್‌ಸೈಟ್‌ಗಳಾದ www.nseindia.com ಮತ್ತು www.bseindia.com ಹಾಗೂ ಕಂಪನಿಯ ವೆಬ್‌ಸೈಟ್ www.onmobile.com ನಲ್ಲಿ ಲಭ್ಯವಿದೆ. 2. ಡಿಸೆಂಬರ್ 31, 2025ಕ್ಕೆ ಅಂತ್ಯಗೊಂಡ ತ್ರೈಮಾಸಿಕ ಫಲಿತಾಂಶಗಳನ್ನು ಲೆಕ್ಕಪರಿಶೋಧನಾ ಸಮಿತಿಯು ಪರಿಶೀಲಿಸಿದೆ ಮತ್ತು ನಿರ್ದೇಶಕರ ಮಂಡಳಿಯು ಫೆಬ್ರವರಿ 05, 2026ರಂದು ನಡೆದ ಸಭೆಯಲ್ಲಿ ಅನುಮೋದಿಸಿದೆ. 3. ಸ್ವತಂತ್ರ ಆರ್ಥಿಕ ಫಲಿತಾಂಶಗಳ ಪ್ರಮುಖ ಅಂಕಿಅಂಶಗಳು ಕೆಳಗಿನಂತಿವೆ:
ವಿವರಗಳು	ಡಿಸೆಂ 31, 2025	ಸೆಪ್ಟೆಂ 30, 2025	ಡಿಸೆಂ 31, 2024	ಡಿಸೆಂ 31, 2025	ಡಿಸೆಂ 31, 2024	ಮಾರ್ಚ್ 31, 2025
ಕಾರ್ಯಾಚರಣೆಗಳಿಂದ ಆದಾಯ	481.84	424.18	437.55	1,390.64	1,323.04	1,827.55
ತೆರಿಗೆ ಪೂರ್ವ ಲಾಭ/(ನಷ್ಟ)	64.17	125.65	55.38	425.01	1,771.59	2,498.48
ತೆರಿಗೆ ನಂತರ ಲಾಭ/(ನಷ್ಟ)	27.15	117.77	43.17	363.84	59.56	84.45
ಒಟ್ಟು ಸಮಗ್ರ ಆದಾಯ	28.66	152.47	58.59	376.26	52.80	57.00
ಸ್ಥಳ: ಬೆಂಗಳೂರು ದಿನಾಂಕ: ಫೆಬ್ರವರಿ 05, 2026
ಫಲಿತಾಂಶಗಳನ್ನು ವೀಕ್ಷಿಸಲು ಸ್ಕ್ಯಾನ್ ಮಾಡಿ
ಸಹಿ/- ಫ್ರಾಂಕೋಯಿಸ್-ಚಾರ್ಲ್ಸ್ ಸಿರೋಯಿಸ್, ಕಾರ್ಯನಿರ್ವಾಹಕ ಅಧ್ಯಕ್ಷರು ಮತ್ತು ಸಿಇಒ DIN: 06890830
